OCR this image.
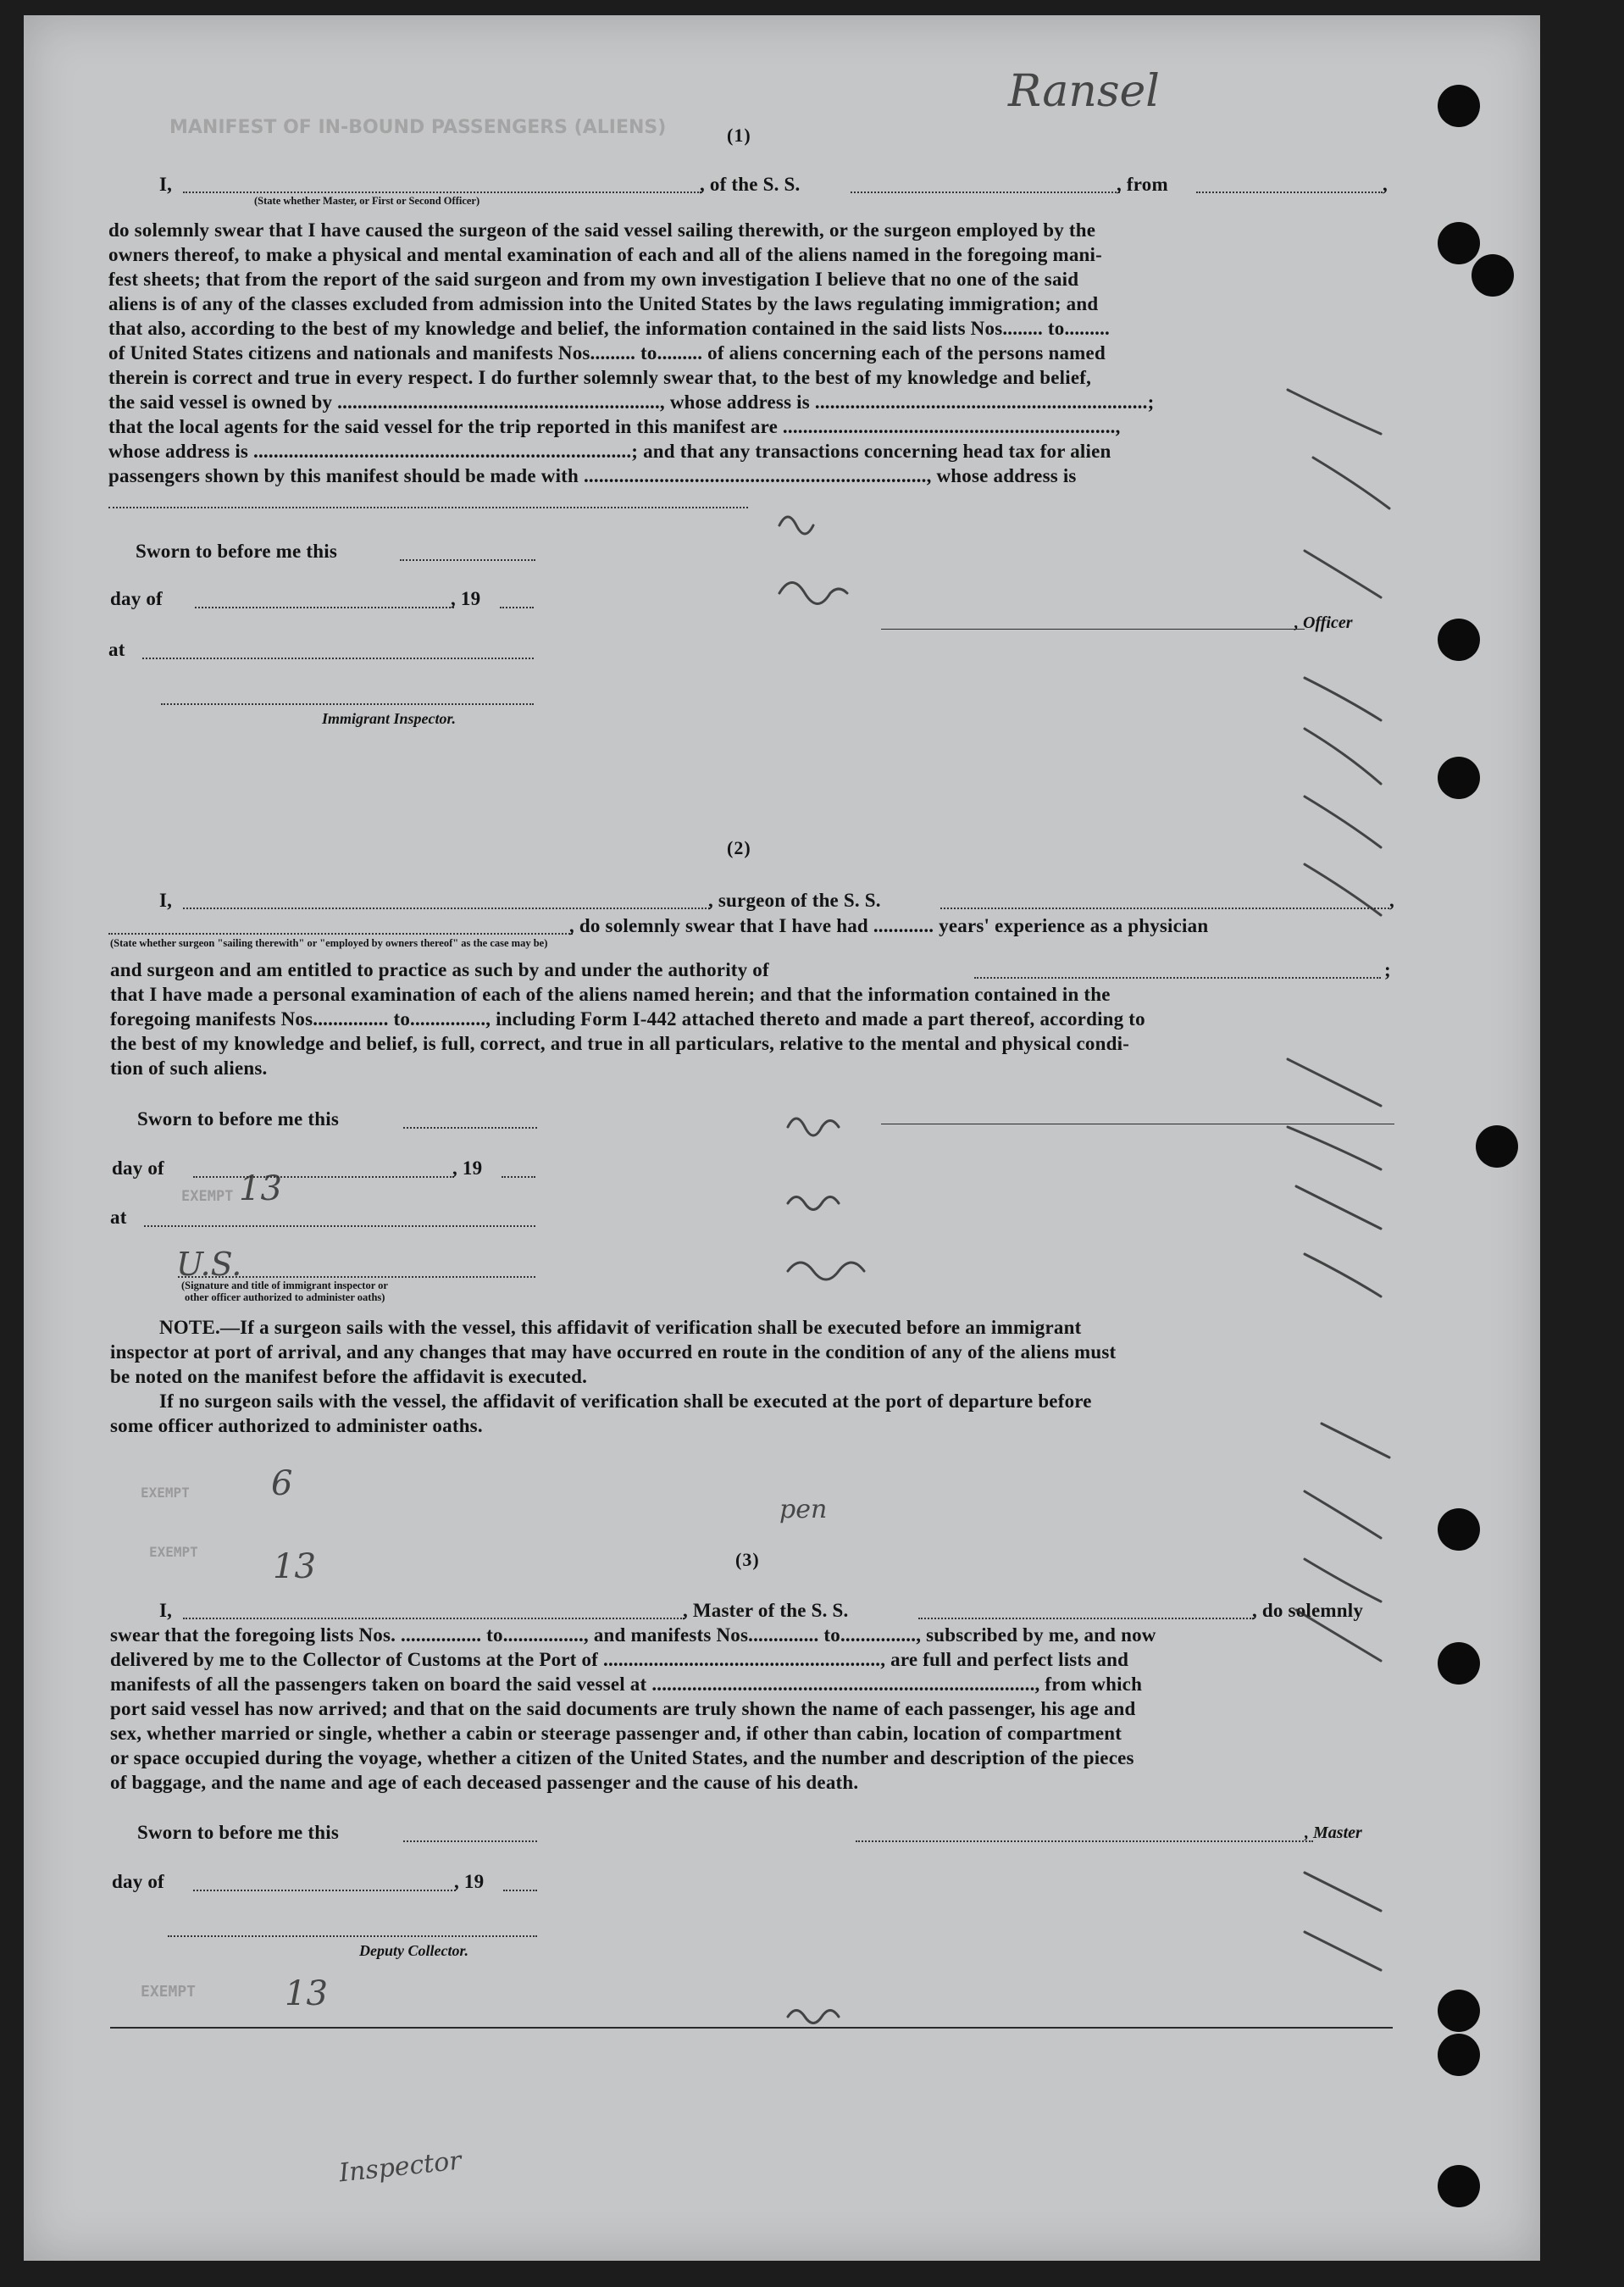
MANIFEST OF IN-BOUND PASSENGERS (ALIENS)
Ransel
(1)
I,	, of the S. S.	, from	,
(State whether Master, or First or Second Officer)
do solemnly swear that I have caused the surgeon of the said vessel sailing therewith, or the surgeon employed by the
owners thereof, to make a physical and mental examination of each and all of the aliens named in the foregoing mani-
fest sheets; that from the report of the said surgeon and from my own investigation I believe that no one of the said
aliens is of any of the classes excluded from admission into the United States by the laws regulating immigration; and
that also, according to the best of my knowledge and belief, the information contained in the said lists Nos........ to.........
of United States citizens and nationals and manifests Nos......... to......... of aliens concerning each of the persons named
therein is correct and true in every respect. I do further solemnly swear that, to the best of my knowledge and belief,
the said vessel is owned by ................................................................, whose address is ..................................................................;
that the local agents for the said vessel for the trip reported in this manifest are ..................................................................,
whose address is ...........................................................................; and that any transactions concerning head tax for alien
passengers shown by this manifest should be made with ...................................................................., whose address is
Sworn to before me this
day of	, 19
at
Immigrant Inspector.
, Officer
(2)
I,	, surgeon of the S. S.	,
, do solemnly swear that I have had ............ years' experience as a physician
(State whether surgeon "sailing therewith" or "employed by owners thereof" as the case may be)
and surgeon and am entitled to practice as such by and under the authority of	;
that I have made a personal examination of each of the aliens named herein; and that the information contained in the
foregoing manifests Nos............... to..............., including Form I-442 attached thereto and made a part thereof, according to
the best of my knowledge and belief, is full, correct, and true in all particulars, relative to the mental and physical condi-
tion of such aliens.
Sworn to before me this
day of	, 19
at
(Signature and title of immigrant inspector or
other officer authorized to administer oaths)
NOTE.—If a surgeon sails with the vessel, this affidavit of verification shall be executed before an immigrant
inspector at port of arrival, and any changes that may have occurred en route in the condition of any of the aliens must
be noted on the manifest before the affidavit is executed.
If no surgeon sails with the vessel, the affidavit of verification shall be executed at the port of departure before
some officer authorized to administer oaths.
(3)
I,	, Master of the S. S.	, do solemnly
swear that the foregoing lists Nos. ................ to................, and manifests Nos.............. to..............., subscribed by me, and now
delivered by me to the Collector of Customs at the Port of ......................................................., are full and perfect lists and
manifests of all the passengers taken on board the said vessel at ............................................................................, from which
port said vessel has now arrived; and that on the said documents are truly shown the name of each passenger, his age and
sex, whether married or single, whether a cabin or steerage passenger and, if other than cabin, location of compartment
or space occupied during the voyage, whether a citizen of the United States, and the number and description of the pieces
of baggage, and the name and age of each deceased passenger and the cause of his death.
Sworn to before me this	, Master
day of	, 19
Deputy Collector.
EXEMPT 13
U.S.
EXEMPT 6
EXEMPT 13
pen
EXEMPT	13
Inspector
